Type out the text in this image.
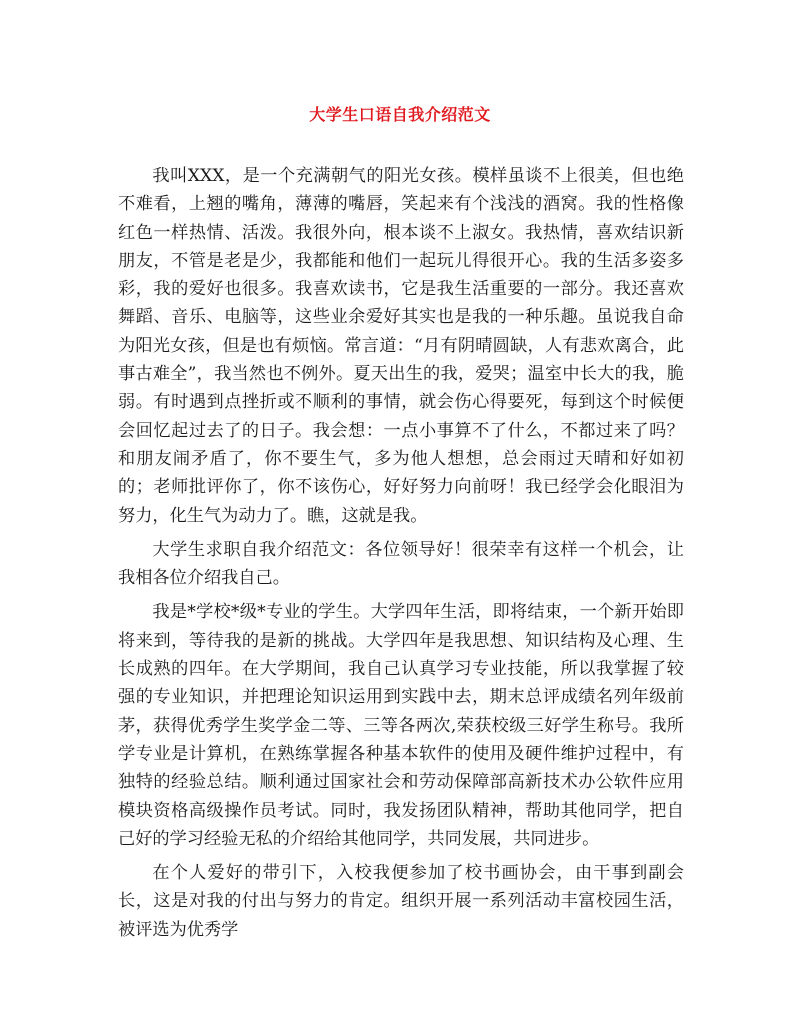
大学生口语自我介绍范文

我叫XXX，是一个充满朝气的阳光女孩。模样虽谈不上很美，但也绝不难看，上翘的嘴角，薄薄的嘴唇，笑起来有个浅浅的酒窝。我的性格像红色一样热情、活泼。我很外向，根本谈不上淑女。我热情，喜欢结识新朋友，不管是老是少，我都能和他们一起玩儿得很开心。我的生活多姿多彩，我的爱好也很多。我喜欢读书，它是我生活重要的一部分。我还喜欢舞蹈、音乐、电脑等，这些业余爱好其实也是我的一种乐趣。虽说我自命为阳光女孩，但是也有烦恼。常言道：“月有阴晴圆缺，人有悲欢离合，此事古难全”，我当然也不例外。夏天出生的我，爱哭；温室中长大的我，脆弱。有时遇到点挫折或不顺利的事情，就会伤心得要死，每到这个时候便会回忆起过去了的日子。我会想：一点小事算不了什么，不都过来了吗？和朋友闹矛盾了，你不要生气，多为他人想想，总会雨过天晴和好如初的；老师批评你了，你不该伤心，好好努力向前呀！我已经学会化眼泪为努力，化生气为动力了。瞧，这就是我。

大学生求职自我介绍范文：各位领导好！很荣幸有这样一个机会，让我相各位介绍我自己。

我是*学校*级*专业的学生。大学四年生活，即将结束，一个新开始即将来到，等待我的是新的挑战。大学四年是我思想、知识结构及心理、生长成熟的四年。在大学期间，我自己认真学习专业技能，所以我掌握了较强的专业知识，并把理论知识运用到实践中去，期末总评成绩名列年级前茅，获得优秀学生奖学金二等、三等各两次,荣获校级三好学生称号。我所学专业是计算机，在熟练掌握各种基本软件的使用及硬件维护过程中，有独特的经验总结。顺利通过国家社会和劳动保障部高新技术办公软件应用模块资格高级操作员考试。同时，我发扬团队精神，帮助其他同学，把自己好的学习经验无私的介绍给其他同学，共同发展，共同进步。

在个人爱好的带引下，入校我便参加了校书画协会，由干事到副会长，这是对我的付出与努力的肯定。组织开展一系列活动丰富校园生活，被评选为优秀学
